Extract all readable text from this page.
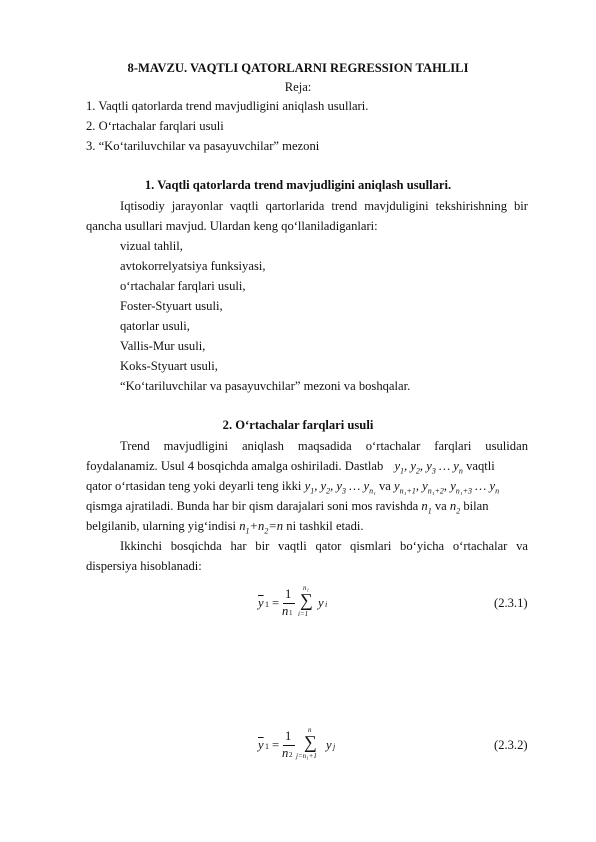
8-MAVZU. VAQTLI QATORLARNI REGRESSION TAHLILI
Reja:
1. Vaqtli qatorlarda trend mavjudligini aniqlash usullari.
2. O‘rtachalar farqlari usuli
3. “Ko‘tariluvchilar va pasayuvchilar” mezoni
1. Vaqtli qatorlarda trend mavjudligini aniqlash usullari.
Iqtisodiy jarayonlar vaqtli qartorlarida trend mavjduligini tekshirishning bir
qancha usullari mavjud. Ulardan keng qo‘llaniladiganlari:
vizual tahlil,
avtokorrelyatsiya funksiyasi,
o‘rtachalar farqlari usuli,
Foster-Styuart usuli,
qatorlar usuli,
Vallis-Mur usuli,
Koks-Styuart usuli,
“Ko‘tariluvchilar va pasayuvchilar” mezoni va boshqalar.
2. O‘rtachalar farqlari usuli
Trend mavjudligini aniqlash maqsadida o‘rtachalar farqlari usulidan
foydalanamiz. Usul 4 bosqichda amalga oshiriladi. Dastlab $y_1$, $y_2$, $y_3$ … $y_n$ vaqtli
qator o‘rtasidan teng yoki deyarli teng ikki $y_1$, $y_2$, $y_3$ … $y_{n_1}$ va $y_{n_1+1}$, $y_{n_1+2}$, $y_{n_1+3}$ … $y_n$
qismga ajratiladi. Bunda har bir qism darajalari soni mos ravishda $n_1$ va $n_2$ bilan
belgilanib, ularning yig‘indisi $n_1+n_2=n$ ni tashkil etadi.
Ikkinchi bosqichda har bir vaqtli qator qismlari bo‘yicha o‘rtachalar va
dispersiya hisoblanadi:
$\overline{y}$ 1 =
1
n 1
∑
n₁
i=1
y i	(2.3.1)
$\overline{y}$ 1 =
1
n 2
∑
n
j=n₁+1
y j	(2.3.2)
